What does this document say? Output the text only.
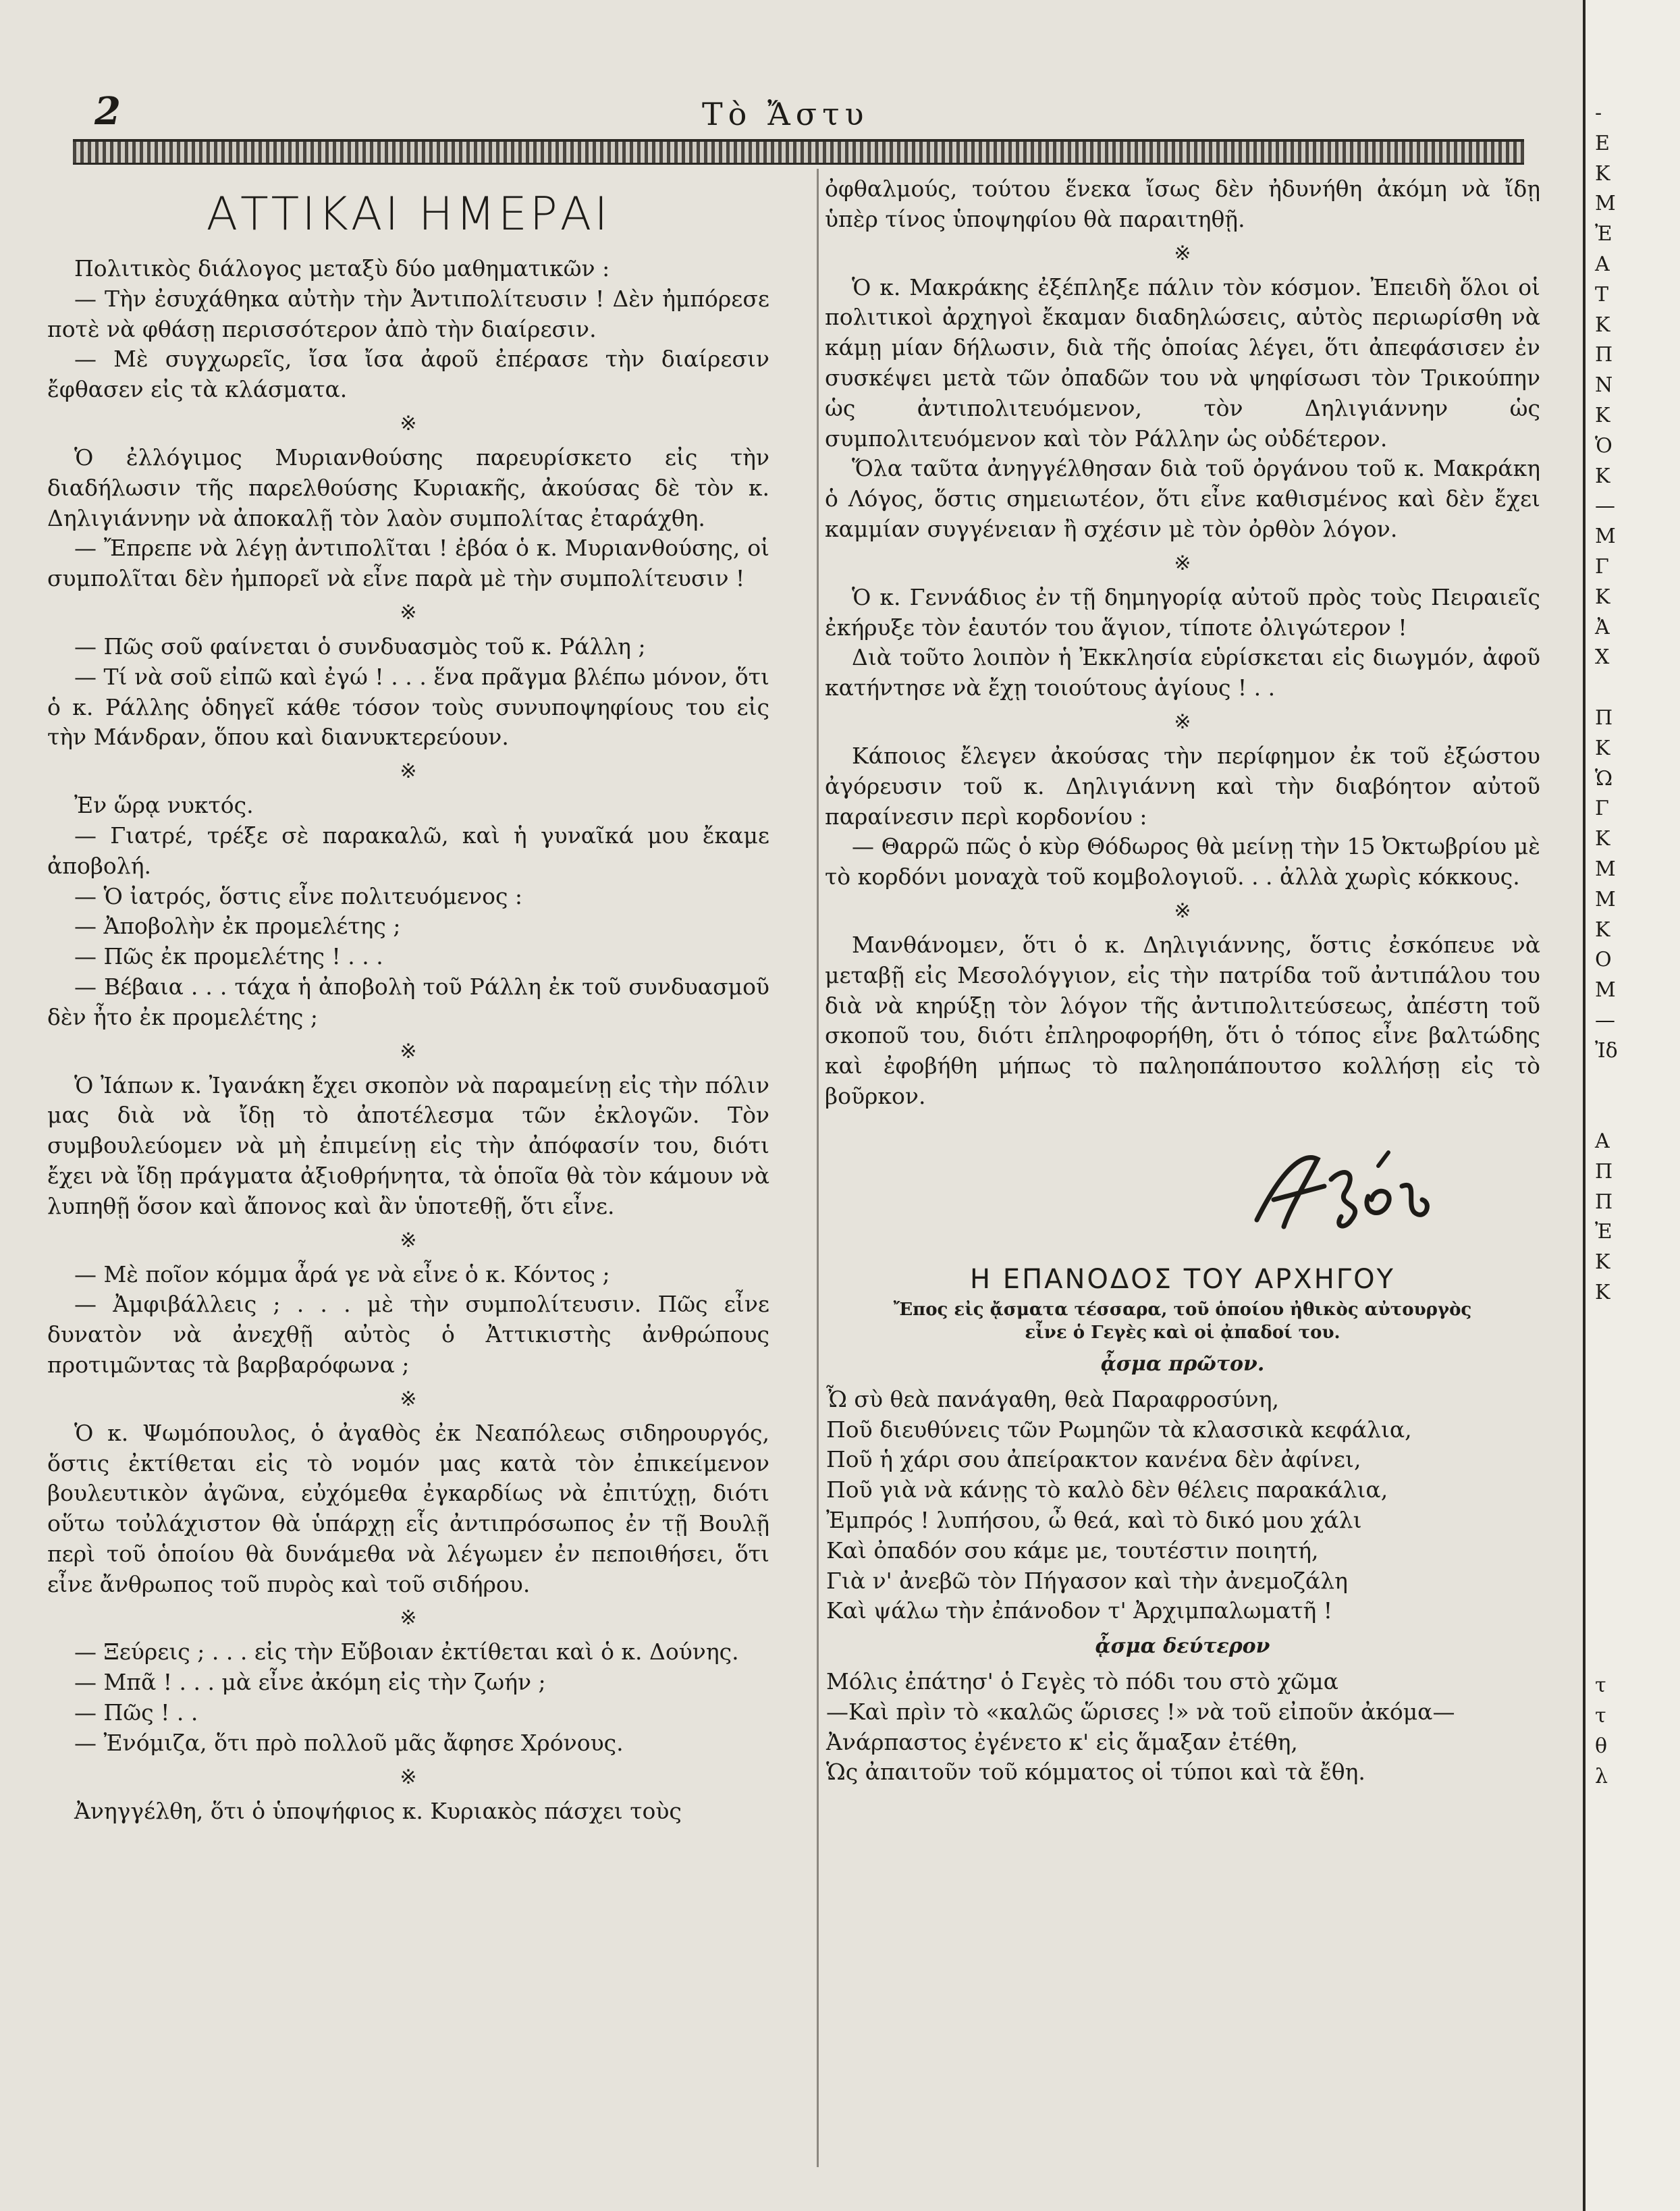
2	Τὸ Ἄστυ
ΑΤΤΙΚΑΙ ΗΜΕΡΑΙ

Πολιτικὸς διάλογος μεταξὺ δύο μαθηματικῶν :

— Τὴν ἐσυχάθηκα αὐτὴν τὴν Ἀντιπολίτευσιν ! Δὲν ἠμπόρεσε ποτὲ νὰ φθάσῃ περισσότερον ἀπὸ τὴν διαίρεσιν.

— Μὲ συγχωρεῖς, ἴσα ἴσα ἀφοῦ ἐπέρασε τὴν διαίρεσιν ἔφθασεν εἰς τὰ κλάσματα.

※

Ὁ ἐλλόγιμος Μυριανθούσης παρευρίσκετο εἰς τὴν διαδήλωσιν τῆς παρελθούσης Κυριακῆς, ἀκούσας δὲ τὸν κ. Δηλιγιάννην νὰ ἀποκαλῇ τὸν λαὸν συμπολίτας ἐταράχθη.

— Ἔπρεπε νὰ λέγῃ ἀντιπολῖται ! ἐβόα ὁ κ. Μυριανθούσης, οἱ συμπολῖται δὲν ἠμπορεῖ νὰ εἶνε παρὰ μὲ τὴν συμπολίτευσιν !

※

— Πῶς σοῦ φαίνεται ὁ συνδυασμὸς τοῦ κ. Ράλλη ;

— Τί νὰ σοῦ εἰπῶ καὶ ἐγώ ! . . . ἕνα πρᾶγμα βλέπω μόνον, ὅτι ὁ κ. Ράλλης ὁδηγεῖ κάθε τόσον τοὺς συνυποψηφίους του εἰς τὴν Μάνδραν, ὅπου καὶ διανυκτερεύουν.

※

Ἐν ὥρᾳ νυκτός.

— Γιατρέ, τρέξε σὲ παρακαλῶ, καὶ ἡ γυναῖκά μου ἔκαμε ἀποβολή.

— Ὁ ἰατρός, ὅστις εἶνε πολιτευόμενος :

— Ἀποβολὴν ἐκ προμελέτης ;

— Πῶς ἐκ προμελέτης ! . . .

— Βέβαια . . . τάχα ἡ ἀποβολὴ τοῦ Ράλλη ἐκ τοῦ συνδυασμοῦ δὲν ἦτο ἐκ προμελέτης ;

※

Ὁ Ἰάπων κ. Ἰγανάκη ἔχει σκοπὸν νὰ παραμείνῃ εἰς τὴν πόλιν μας διὰ νὰ ἴδῃ τὸ ἀποτέλεσμα τῶν ἐκλογῶν. Τὸν συμβουλεύομεν νὰ μὴ ἐπιμείνῃ εἰς τὴν ἀπόφασίν του, διότι ἔχει νὰ ἴδῃ πράγματα ἀξιοθρήνητα, τὰ ὁποῖα θὰ τὸν κάμουν νὰ λυπηθῇ ὅσον καὶ ἄπονος καὶ ἂν ὑποτεθῇ, ὅτι εἶνε.

※

— Μὲ ποῖον κόμμα ἆρά γε νὰ εἶνε ὁ κ. Κόντος ;

— Ἀμφιβάλλεις ; . . . μὲ τὴν συμπολίτευσιν. Πῶς εἶνε δυνατὸν νὰ ἀνεχθῇ αὐτὸς ὁ Ἀττικιστὴς ἀνθρώπους προτιμῶντας τὰ βαρβαρόφωνα ;

※

Ὁ κ. Ψωμόπουλος, ὁ ἀγαθὸς ἐκ Νεαπόλεως σιδηρουργός, ὅστις ἐκτίθεται εἰς τὸ νομόν μας κατὰ τὸν ἐπικείμενον βουλευτικὸν ἀγῶνα, εὐχόμεθα ἐγκαρδίως νὰ ἐπιτύχῃ, διότι οὕτω τοὐλάχιστον θὰ ὑπάρχῃ εἷς ἀντιπρόσωπος ἐν τῇ Βουλῇ περὶ τοῦ ὁποίου θὰ δυνάμεθα νὰ λέγωμεν ἐν πεποιθήσει, ὅτι εἶνε ἄνθρωπος τοῦ πυρὸς καὶ τοῦ σιδήρου.

※

— Ξεύρεις ; . . . εἰς τὴν Εὔβοιαν ἐκτίθεται καὶ ὁ κ. Δούνης.

— Μπᾶ ! . . . μὰ εἶνε ἀκόμη εἰς τὴν ζωήν ;

— Πῶς ! . .

— Ἐνόμιζα, ὅτι πρὸ πολλοῦ μᾶς ἄφησε Χρόνους.

※

Ἀνηγγέλθη, ὅτι ὁ ὑποψήφιος κ. Κυριακὸς πάσχει τοὺς

ὀφθαλμούς, τούτου ἕνεκα ἴσως δὲν ἠδυνήθη ἀκόμη νὰ ἴδῃ ὑπὲρ τίνος ὑποψηφίου θὰ παραιτηθῇ.

※

Ὁ κ. Μακράκης ἐξέπληξε πάλιν τὸν κόσμον. Ἐπειδὴ ὅλοι οἱ πολιτικοὶ ἀρχηγοὶ ἔκαμαν διαδηλώσεις, αὐτὸς περιωρίσθη νὰ κάμῃ μίαν δήλωσιν, διὰ τῆς ὁποίας λέγει, ὅτι ἀπεφάσισεν ἐν συσκέψει μετὰ τῶν ὀπαδῶν του νὰ ψηφίσωσι τὸν Τρικούπην ὡς ἀντιπολιτευόμενον, τὸν Δηλιγιάννην ὡς συμπολιτευόμενον καὶ τὸν Ράλλην ὡς οὐδέτερον.

Ὅλα ταῦτα ἀνηγγέλθησαν διὰ τοῦ ὀργάνου τοῦ κ. Μακράκη ὁ Λόγος, ὅστις σημειωτέον, ὅτι εἶνε καθισμένος καὶ δὲν ἔχει καμμίαν συγγένειαν ἢ σχέσιν μὲ τὸν ὀρθὸν λόγον.

※

Ὁ κ. Γεννάδιος ἐν τῇ δημηγορίᾳ αὐτοῦ πρὸς τοὺς Πειραιεῖς ἐκήρυξε τὸν ἑαυτόν του ἅγιον, τίποτε ὀλιγώτερον !

Διὰ τοῦτο λοιπὸν ἡ Ἐκκλησία εὑρίσκεται εἰς διωγμόν, ἀφοῦ κατήντησε νὰ ἔχῃ τοιούτους ἁγίους ! . .

※

Κάποιος ἔλεγεν ἀκούσας τὴν περίφημον ἐκ τοῦ ἐξώστου ἀγόρευσιν τοῦ κ. Δηλιγιάννη καὶ τὴν διαβόητον αὐτοῦ παραίνεσιν περὶ κορδονίου :

— Θαρρῶ πῶς ὁ κὺρ Θόδωρος θὰ μείνῃ τὴν 15 Ὀκτωβρίου μὲ τὸ κορδόνι μοναχὰ τοῦ κομβολογιοῦ. . . ἀλλὰ χωρὶς κόκκους.

※

Μανθάνομεν, ὅτι ὁ κ. Δηλιγιάννης, ὅστις ἐσκόπευε νὰ μεταβῇ εἰς Μεσολόγγιον, εἰς τὴν πατρίδα τοῦ ἀντιπάλου του διὰ νὰ κηρύξῃ τὸν λόγον τῆς ἀντιπολιτεύσεως, ἀπέστη τοῦ σκοποῦ του, διότι ἐπληροφορήθη, ὅτι ὁ τόπος εἶνε βαλτώδης καὶ ἐφοβήθη μήπως τὸ παληοπάπουτσο κολλήσῃ εἰς τὸ βοῦρκον.

Η ΕΠΑΝΟΔΟΣ ΤΟΥ ΑΡΧΗΓΟΥ
Ἔπος εἰς ᾄσματα τέσσαρα, τοῦ ὁποίου ἠθικὸς αὐτουργὸς
εἶνε ὁ Γεγὲς καὶ οἱ ᾀπαδοί του.
ᾆσμα πρῶτον.
Ὦ σὺ θεὰ πανάγαθη, θεὰ Παραφροσύνη,
Ποῦ διευθύνεις τῶν Ρωμηῶν τὰ κλασσικὰ κεφάλια,
Ποῦ ἡ χάρι σου ἀπείρακτον κανένα δὲν ἀφίνει,
Ποῦ γιὰ νὰ κάνῃς τὸ καλὸ δὲν θέλεις παρακάλια,
Ἐμπρός ! λυπήσου, ὦ θεά, καὶ τὸ δικό μου χάλι
Καὶ ὀπαδόν σου κάμε με, τουτέστιν ποιητή,
Γιὰ ν' ἀνεβῶ τὸν Πήγασον καὶ τὴν ἀνεμοζάλη
Καὶ ψάλω τὴν ἐπάνοδον τ' Ἀρχιμπαλωματῆ !
ᾆσμα δεύτερον
Μόλις ἐπάτησ' ὁ Γεγὲς τὸ πόδι του στὸ χῶμα
—Καὶ πρὶν τὸ «καλῶς ὥρισες !» νὰ τοῦ εἰποῦν ἀκόμα—
Ἀνάρπαστος ἐγένετο κ' εἰς ἅμαξαν ἐτέθη,
Ὡς ἀπαιτοῦν τοῦ κόμματος οἱ τύποι καὶ τὰ ἔθη.
-
Ε
Κ
Μ
Ἐ
Α
Τ
Κ
Π
Ν
Κ
Ὁ
Κ
—
Μ
Γ
Κ
Ἀ
Χ
Π
Κ
Ὡ
Γ
Κ
Μ
Μ
Κ
Ο
Μ
—
Ἰδ
Α
Π
Π
Ἐ
Κ
Κ
τ
τ
θ
λ
